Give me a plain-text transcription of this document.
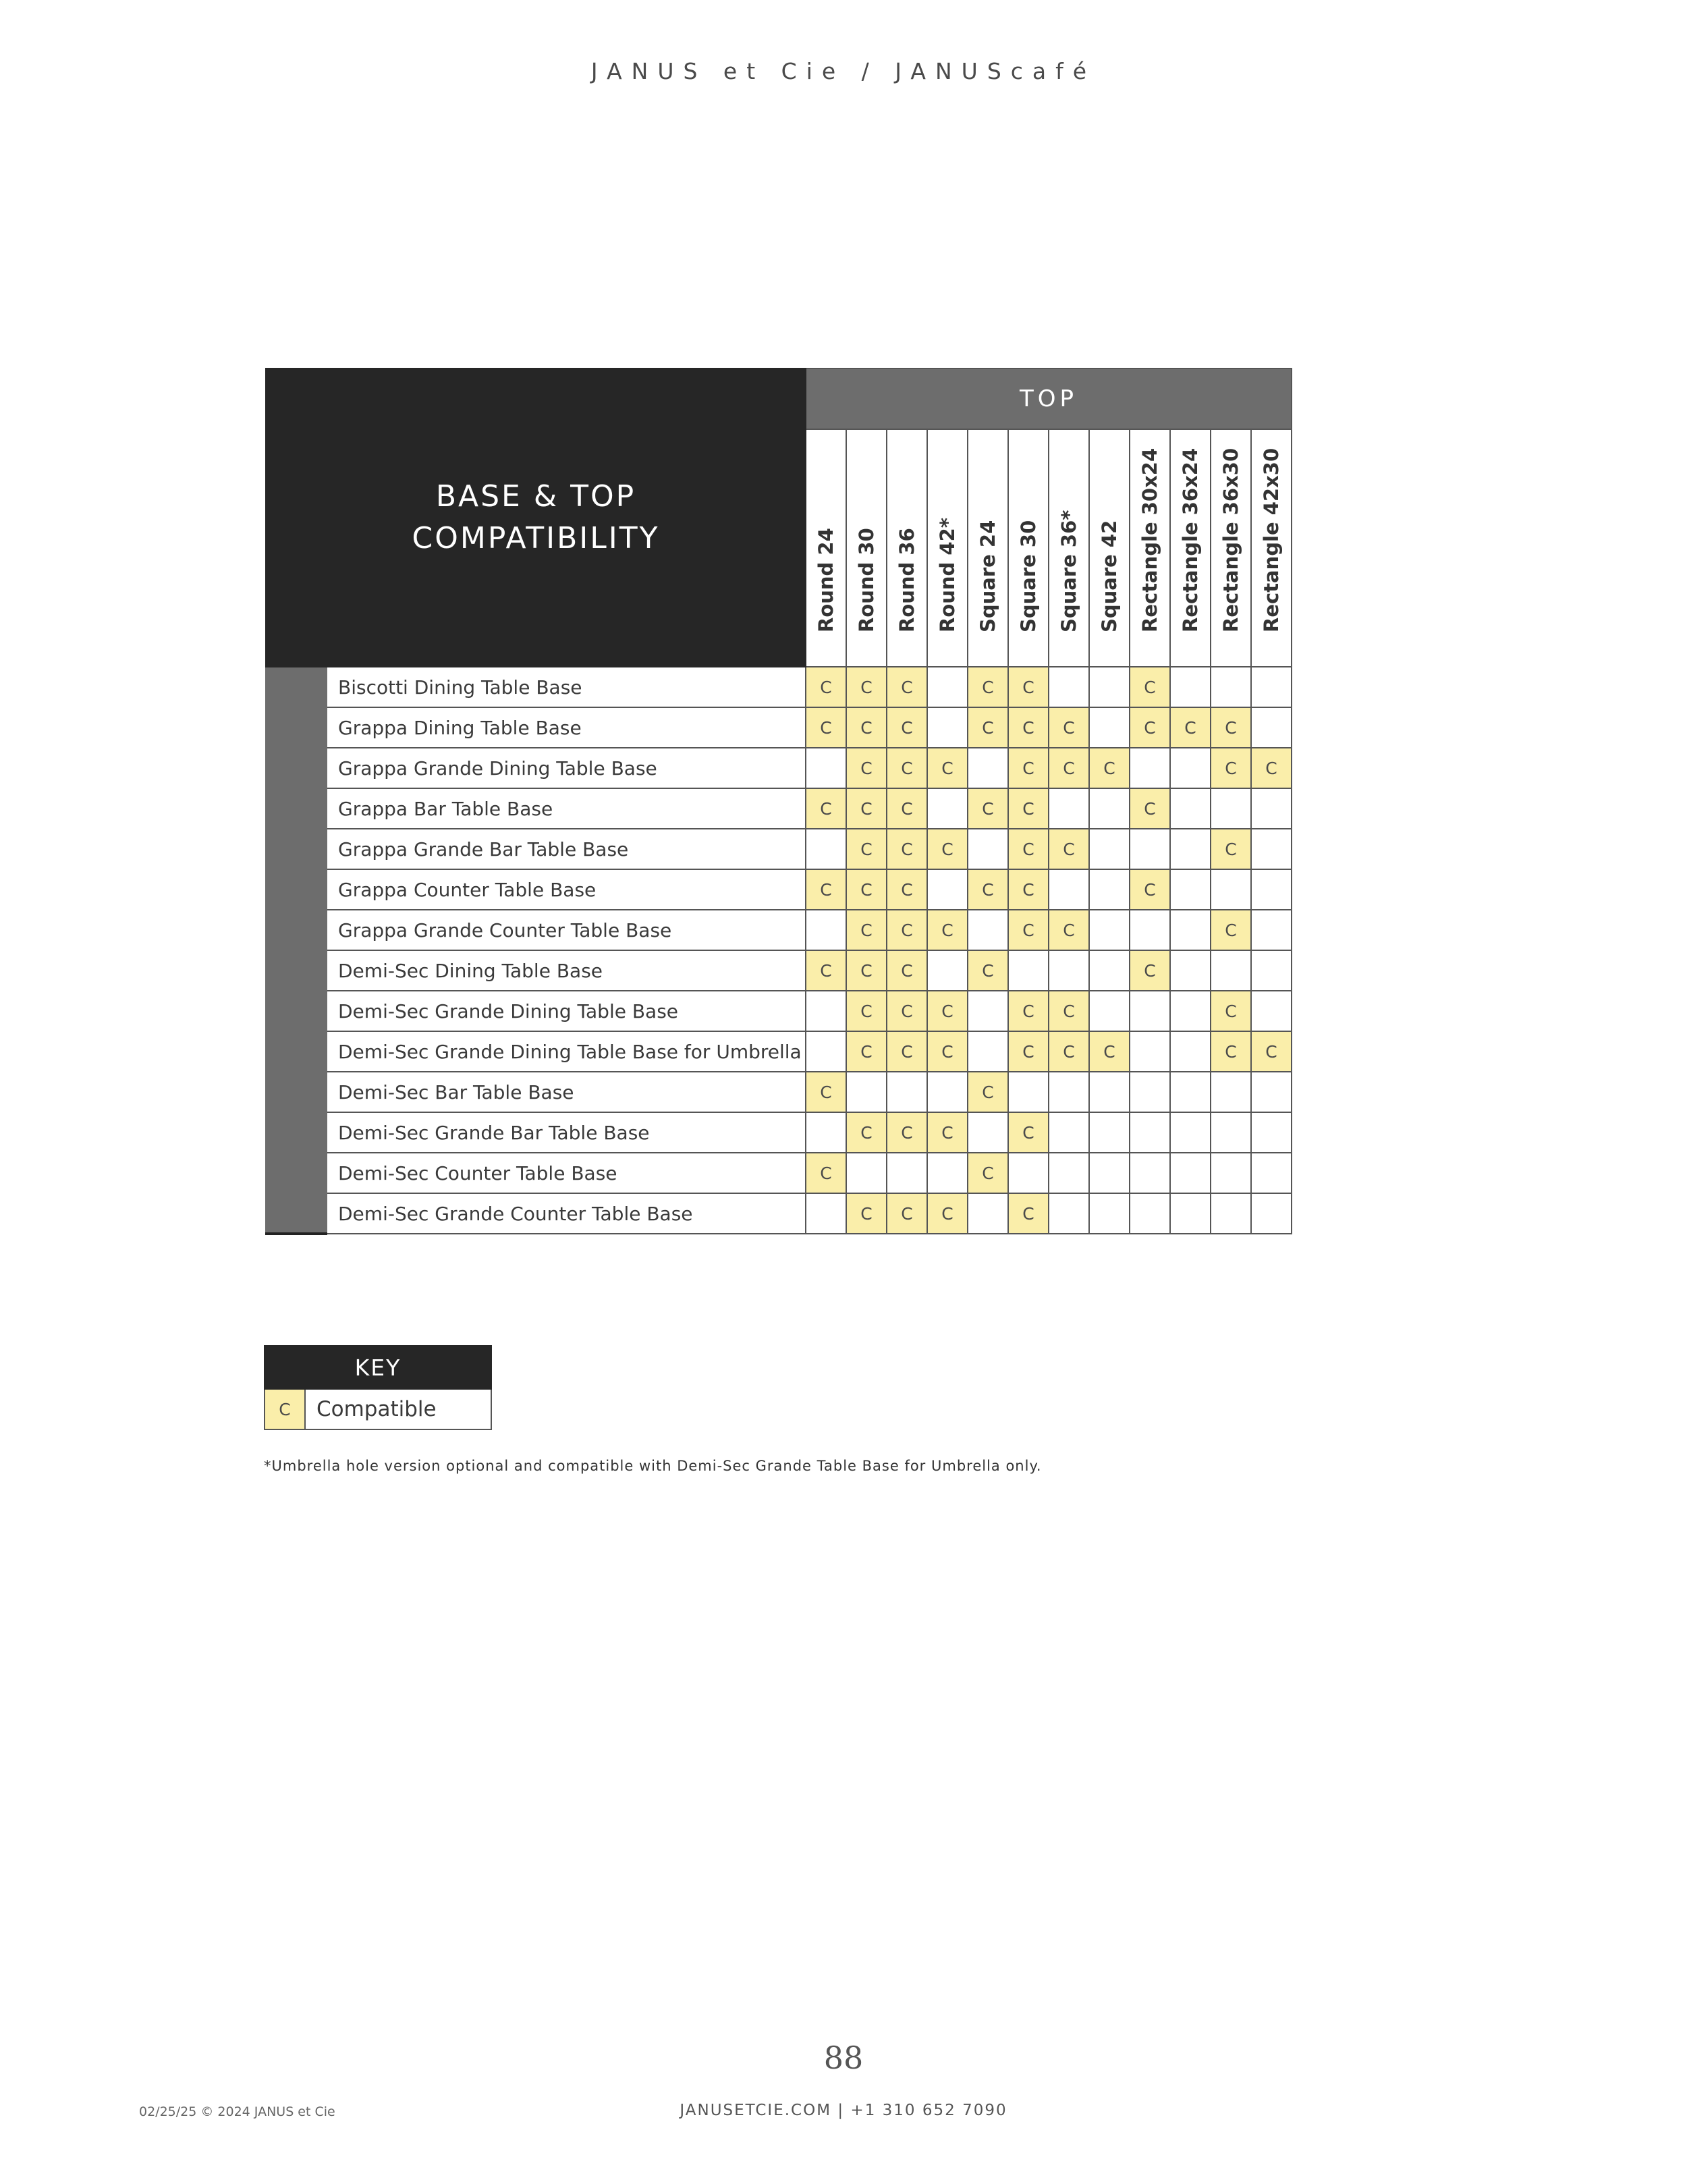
JANUS et Cie / JANUScafé
BASE & TOP
COMPATIBILITY		TOP											

		Round 24	Round 30	Round 36	Round 42*	Square 24	Square 30	Square 36*	Square 42	Rectangle 30x24	Rectangle 36x24	Rectangle 36x30	Rectangle 42x30

	Biscotti Dining Table Base	C	C	C		C	C			C			
	Grappa Dining Table Base	C	C	C		C	C	C		C	C	C	
	Grappa Grande Dining Table Base		C	C	C		C	C	C			C	C
	Grappa Bar Table Base	C	C	C		C	C			C			
	Grappa Grande Bar Table Base		C	C	C		C	C				C	
	Grappa Counter Table Base	C	C	C		C	C			C			
	Grappa Grande Counter Table Base		C	C	C		C	C				C	
	Demi-Sec Dining Table Base	C	C	C		C				C			
	Demi-Sec Grande Dining Table Base		C	C	C		C	C				C	
	Demi-Sec Grande Dining Table Base for Umbrella		C	C	C		C	C	C			C	C
	Demi-Sec Bar Table Base	C				C							
	Demi-Sec Grande Bar Table Base		C	C	C		C						
	Demi-Sec Counter Table Base	C				C							
	Demi-Sec Grande Counter Table Base		C	C	C		C						
KEY
C	Compatible
*Umbrella hole version optional and compatible with Demi-Sec Grande Table Base for Umbrella only.
88
02/25/25 © 2024 JANUS et Cie	JANUSETCIE.COM | +1 310 652 7090
